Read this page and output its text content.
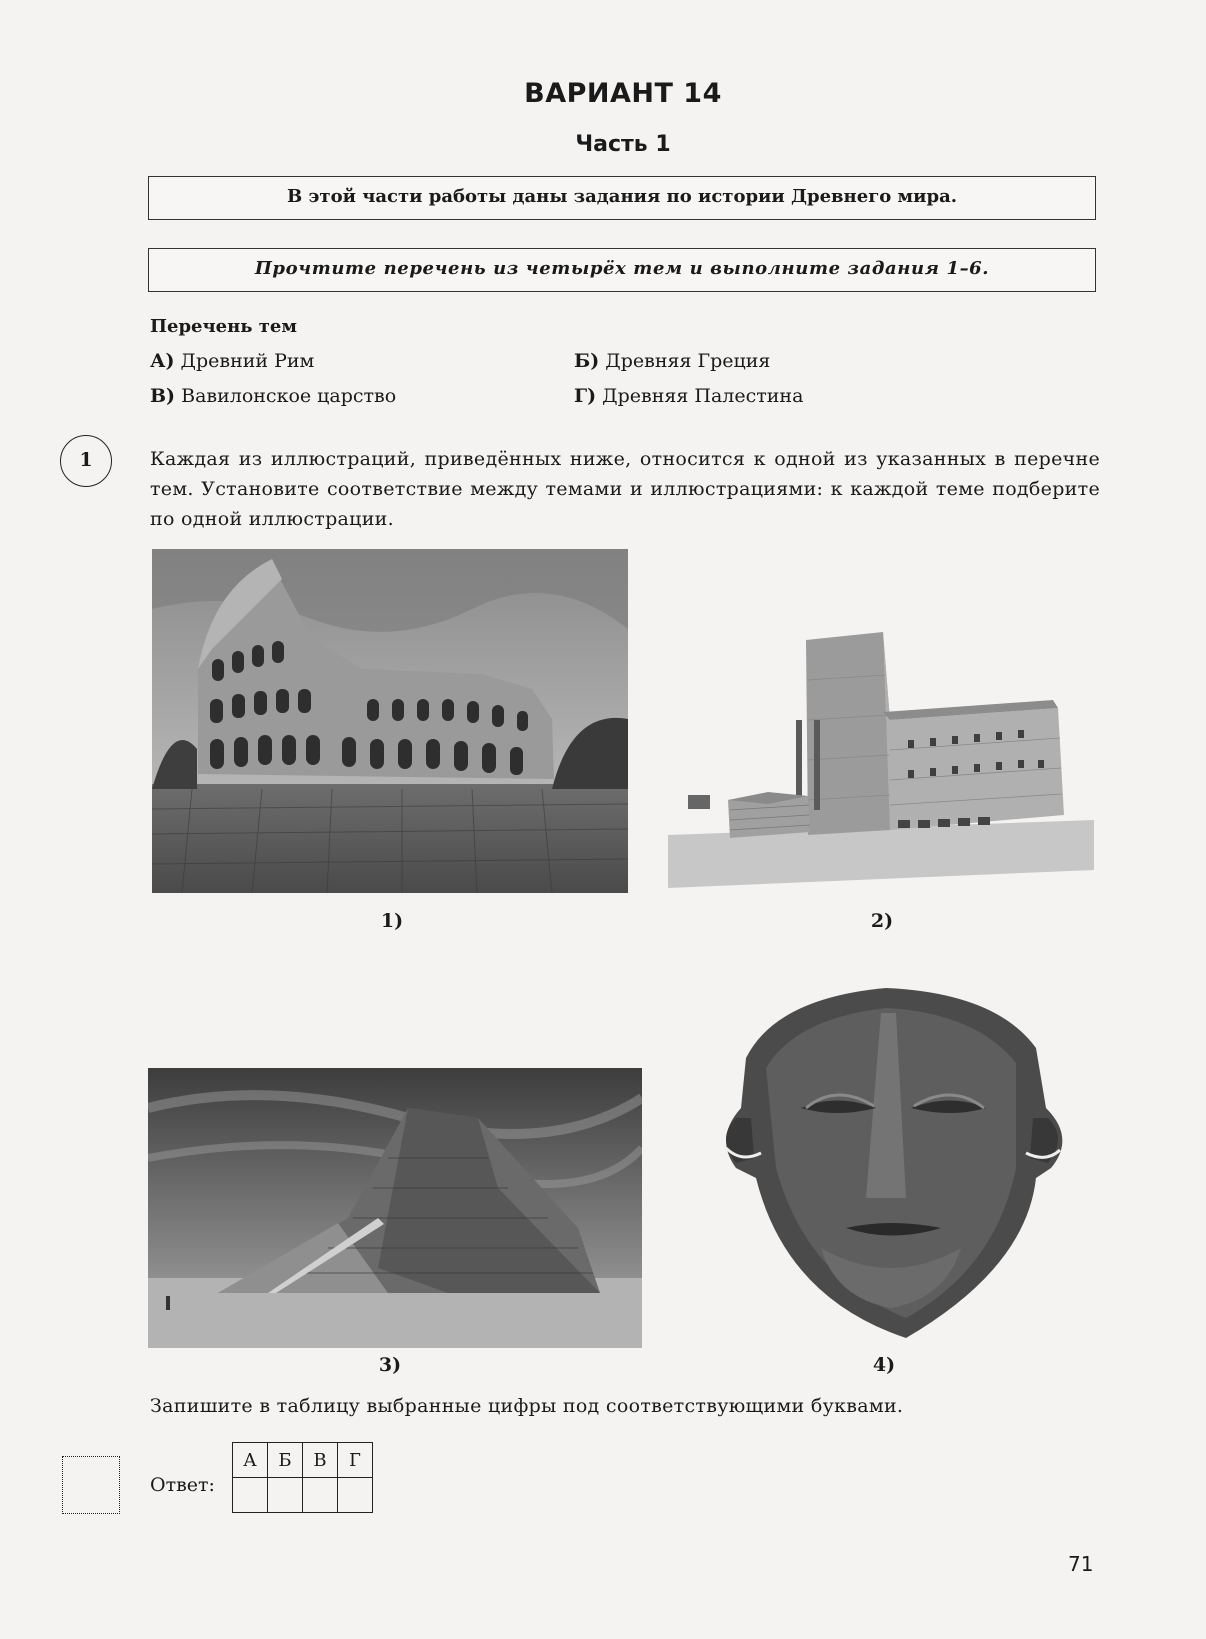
ВАРИАНТ 14
Часть 1
В этой части работы даны задания по истории Древнего мира.
Прочтите перечень из четырёх тем и выполните задания 1–6.
Перечень тем
А) Древний Рим	Б) Древняя Греция
В) Вавилонское царство	Г) Древняя Палестина
1	Каждая из иллюстраций, приведённых ниже, относится к одной из указанных в перечне тем. Установите соответствие между темами и иллюстрациями: к каждой теме подберите по одной иллюстрации.
1)	2)
3)	4)
Запишите в таблицу выбранные цифры под соответствующими буквами.
Ответ:
А	Б	В	Г

71
